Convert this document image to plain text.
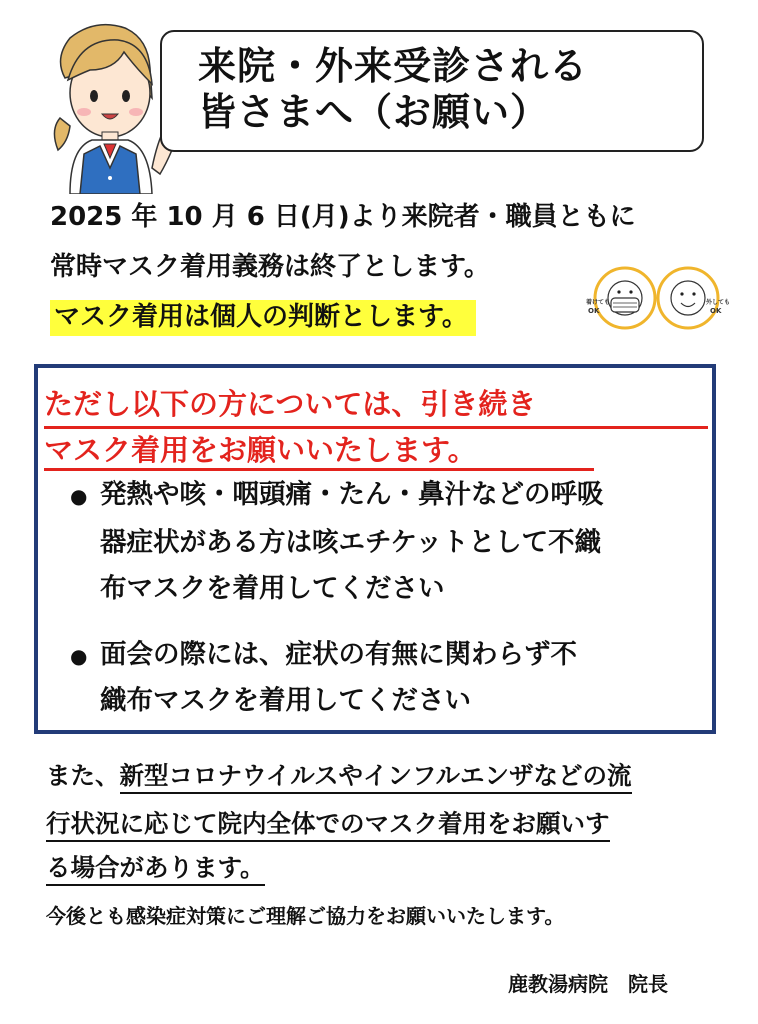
来院・外来受診される
皆さまへ（お願い）
2025 年 10 月 6 日(月)より来院者・職員ともに
常時マスク着用義務は終了とします。
マスク着用は個人の判断とします。	着けても
OK
外しても
OK
ただし以下の方については、引き続き
マスク着用をお願いいたします。
● 発熱や咳・咽頭痛・たん・鼻汁などの呼吸
器症状がある方は咳エチケットとして不織
布マスクを着用してください
● 面会の際には、症状の有無に関わらず不
織布マスクを着用してください
また、新型コロナウイルスやインフルエンザなどの流
行状況に応じて院内全体でのマスク着用をお願いす
る場合があります。
今後とも感染症対策にご理解ご協力をお願いいたします。
鹿教湯病院　院長
